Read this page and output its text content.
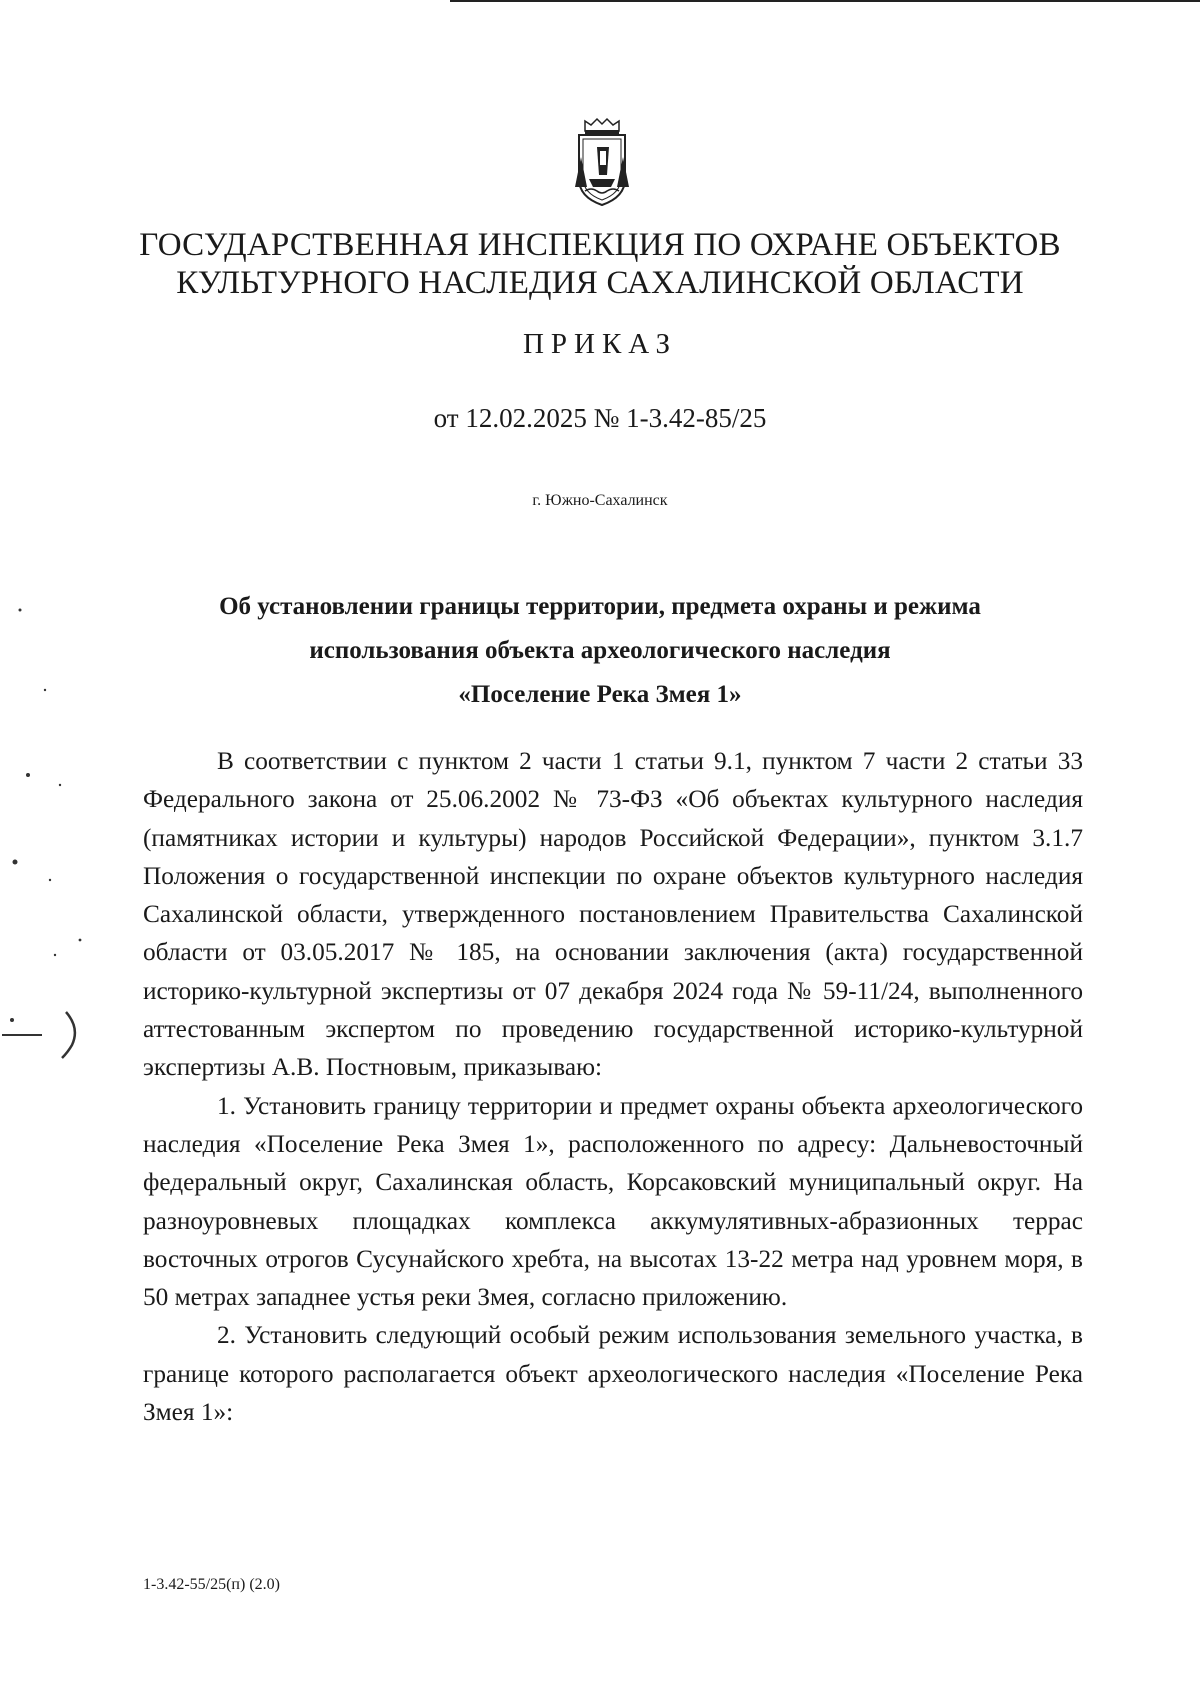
ГОСУДАРСТВЕННАЯ ИНСПЕКЦИЯ ПО ОХРАНЕ ОБЪЕКТОВ
КУЛЬТУРНОГО НАСЛЕДИЯ САХАЛИНСКОЙ ОБЛАСТИ
ПРИКАЗ
от 12.02.2025 № 1-3.42-85/25
г. Южно-Сахалинск
Об установлении границы территории, предмета охраны и режима
использования объекта археологического наследия
«Поселение Река Змея 1»

В соответствии с пунктом 2 части 1 статьи 9.1, пунктом 7 части 2 статьи 33 Федерального закона от 25.06.2002 № 73-ФЗ «Об объектах культурного наследия (памятниках истории и культуры) народов Российской Федерации», пунктом 3.1.7 Положения о государственной инспекции по охране объектов культурного наследия Сахалинской области, утвержденного постановлением Правительства Сахалинской области от 03.05.2017 № 185, на основании заключения (акта) государственной историко-культурной экспертизы от 07 декабря 2024 года № 59-11/24, выполненного аттестованным экспертом по проведению государственной историко-культурной экспертизы А.В. Постновым, приказываю:

1. Установить границу территории и предмет охраны объекта археологического наследия «Поселение Река Змея 1», расположенного по адресу: Дальневосточный федеральный округ, Сахалинская область, Корсаковский муниципальный округ. На разноуровневых площадках комплекса аккумулятивных-абразионных террас восточных отрогов Сусунайского хребта, на высотах 13-22 метра над уровнем моря, в 50 метрах западнее устья реки Змея, согласно приложению.

2. Установить следующий особый режим использования земельного участка, в границе которого располагается объект археологического наследия «Поселение Река Змея 1»:

1-3.42-55/25(п) (2.0)
